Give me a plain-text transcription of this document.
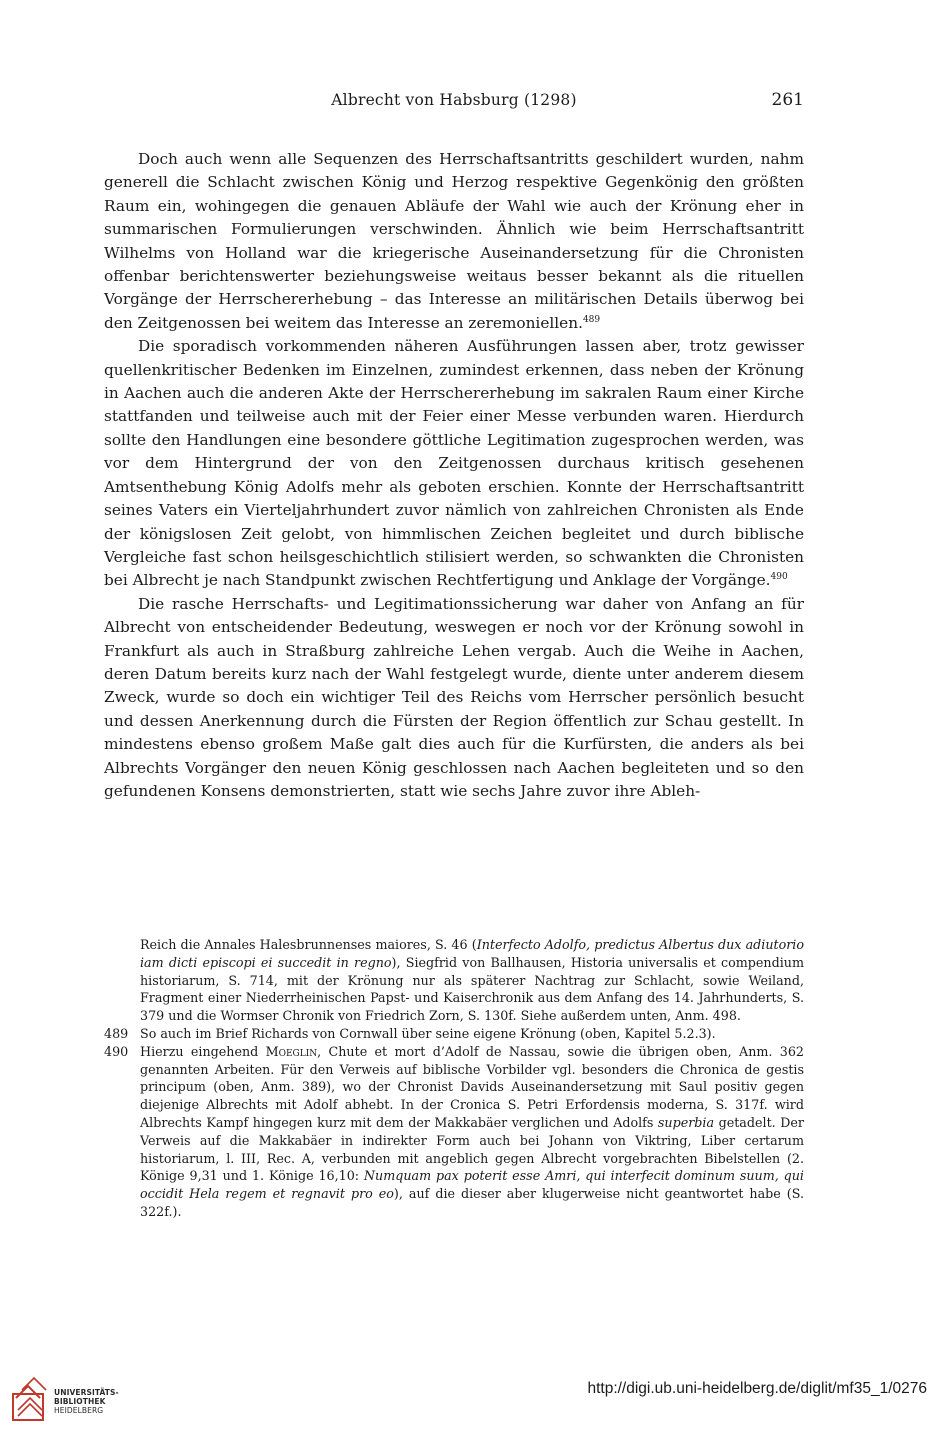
Albrecht von Habsburg (1298)	261

Doch auch wenn alle Sequenzen des Herrschaftsantritts geschildert wurden, nahm generell die Schlacht zwischen König und Herzog respektive Gegenkönig den größten Raum ein, wohingegen die genauen Abläufe der Wahl wie auch der Krönung eher in summarischen Formulierungen verschwinden. Ähnlich wie beim Herrschaftsantritt Wilhelms von Holland war die kriegerische Auseinandersetzung für die Chronisten offenbar berichtenswerter beziehungsweise weitaus besser bekannt als die rituellen Vorgänge der Herrschererhebung – das Interesse an militärischen Details überwog bei den Zeitgenossen bei weitem das Interesse an zeremoniellen.$^{489}$

Die sporadisch vorkommenden näheren Ausführungen lassen aber, trotz gewisser quellenkritischer Bedenken im Einzelnen, zumindest erkennen, dass neben der Krönung in Aachen auch die anderen Akte der Herrschererhebung im sakralen Raum einer Kirche stattfanden und teilweise auch mit der Feier einer Messe verbunden waren. Hierdurch sollte den Handlungen eine besondere göttliche Legitimation zugesprochen werden, was vor dem Hintergrund der von den Zeitgenossen durchaus kritisch gesehenen Amtsenthebung König Adolfs mehr als geboten erschien. Konnte der Herrschaftsantritt seines Vaters ein Vierteljahrhundert zuvor nämlich von zahlreichen Chronisten als Ende der königslosen Zeit gelobt, von himmlischen Zeichen begleitet und durch biblische Vergleiche fast schon heilsgeschichtlich stilisiert werden, so schwankten die Chronisten bei Albrecht je nach Standpunkt zwischen Rechtfertigung und Anklage der Vorgänge.$^{490}$

Die rasche Herrschafts- und Legitimationssicherung war daher von Anfang an für Albrecht von entscheidender Bedeutung, weswegen er noch vor der Krönung sowohl in Frankfurt als auch in Straßburg zahlreiche Lehen vergab. Auch die Weihe in Aachen, deren Datum bereits kurz nach der Wahl festgelegt wurde, diente unter anderem diesem Zweck, wurde so doch ein wichtiger Teil des Reichs vom Herrscher persönlich besucht und dessen Anerkennung durch die Fürsten der Region öffentlich zur Schau gestellt. In mindestens ebenso großem Maße galt dies auch für die Kurfürsten, die anders als bei Albrechts Vorgänger den neuen König geschlossen nach Aachen begleiteten und so den gefundenen Konsens demonstrierten, statt wie sechs Jahre zuvor ihre Ableh-

Reich die Annales Halesbrunnenses maiores, S. 46 (Interfecto Adolfo, predictus Albertus dux adiutorio iam dicti episcopi ei succedit in regno), Siegfrid von Ballhausen, Historia universalis et compendium historiarum, S. 714, mit der Krönung nur als späterer Nachtrag zur Schlacht, sowie Weiland, Fragment einer Niederrheinischen Papst- und Kaiserchronik aus dem Anfang des 14. Jahrhunderts, S. 379 und die Wormser Chronik von Friedrich Zorn, S. 130f. Siehe außerdem unten, Anm. 498.

489 So auch im Brief Richards von Cornwall über seine eigene Krönung (oben, Kapitel 5.2.3).

490 Hierzu eingehend Moeglin, Chute et mort d’Adolf de Nassau, sowie die übrigen oben, Anm. 362 genannten Arbeiten. Für den Verweis auf biblische Vorbilder vgl. besonders die Chronica de gestis principum (oben, Anm. 389), wo der Chronist Davids Auseinandersetzung mit Saul positiv gegen diejenige Albrechts mit Adolf abhebt. In der Cronica S. Petri Erfordensis moderna, S. 317f. wird Albrechts Kampf hingegen kurz mit dem der Makkabäer verglichen und Adolfs superbia getadelt. Der Verweis auf die Makkabäer in indirekter Form auch bei Johann von Viktring, Liber certarum historiarum, l. III, Rec. A, verbunden mit angeblich gegen Albrecht vorgebrachten Bibelstellen (2. Könige 9,31 und 1. Könige 16,10: Numquam pax poterit esse Amri, qui interfecit dominum suum, qui occidit Hela regem et regnavit pro eo), auf die dieser aber klugerweise nicht geantwortet habe (S. 322f.).

UNIVERSITÄTS-
BIBLIOTHEK
HEIDELBERG
http://digi.ub.uni-heidelberg.de/diglit/mf35_1/0276
